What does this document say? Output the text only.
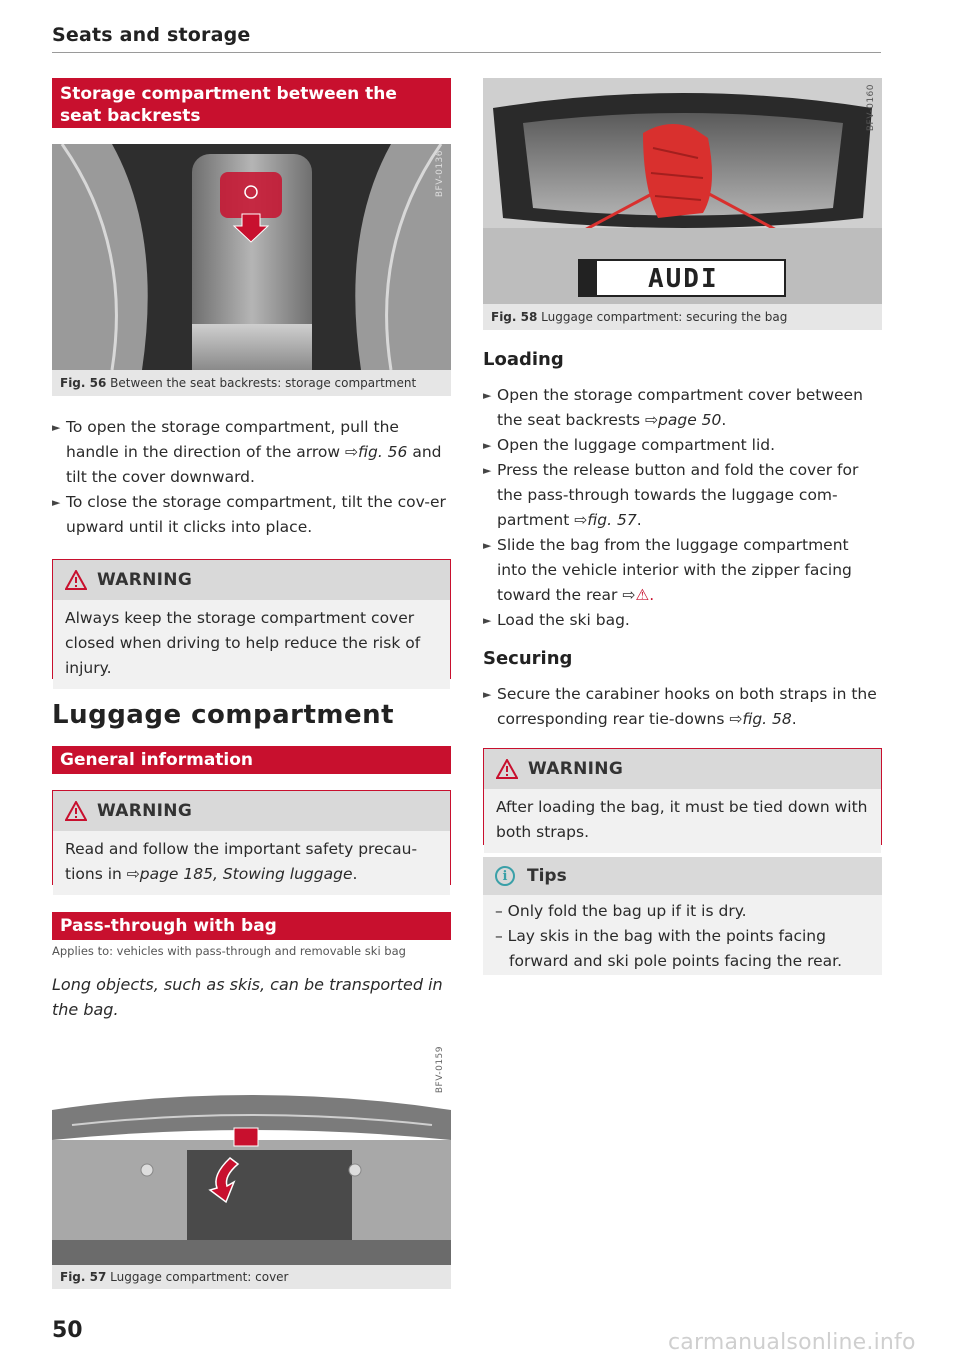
Seats and storage
Storage compartment between the seat backrests
BFV-0136
Fig. 56 Between the seat backrests: storage compartment
► To open the storage compartment, pull the handle in the direction of the arrow ⇨fig. 56 and tilt the cover downward.
► To close the storage compartment, tilt the cov-er upward until it clicks into place.
WARNING
Always keep the storage compartment cover closed when driving to help reduce the risk of injury.
Luggage compartment
General information
WARNING
Read and follow the important safety precau-tions in ⇨page 185, Stowing luggage.
Pass-through with bag
Applies to: vehicles with pass-through and removable ski bag
Long objects, such as skis, can be transported in the bag.
BFV-0159
Fig. 57 Luggage compartment: cover
50
AUDI
BFV-0160
Fig. 58 Luggage compartment: securing the bag
Loading
► Open the storage compartment cover between the seat backrests ⇨page 50.
► Open the luggage compartment lid.
► Press the release button and fold the cover for the pass-through towards the luggage com-partment ⇨fig. 57.
► Slide the bag from the luggage compartment into the vehicle interior with the zipper facing toward the rear ⇨⚠.
► Load the ski bag.
Securing
► Secure the carabiner hooks on both straps in the corresponding rear tie-downs ⇨fig. 58.
WARNING
After loading the bag, it must be tied down with both straps.
i	Tips
– Only fold the bag up if it is dry.
– Lay skis in the bag with the points facing forward and ski pole points facing the rear.
carmanualsonline.info
